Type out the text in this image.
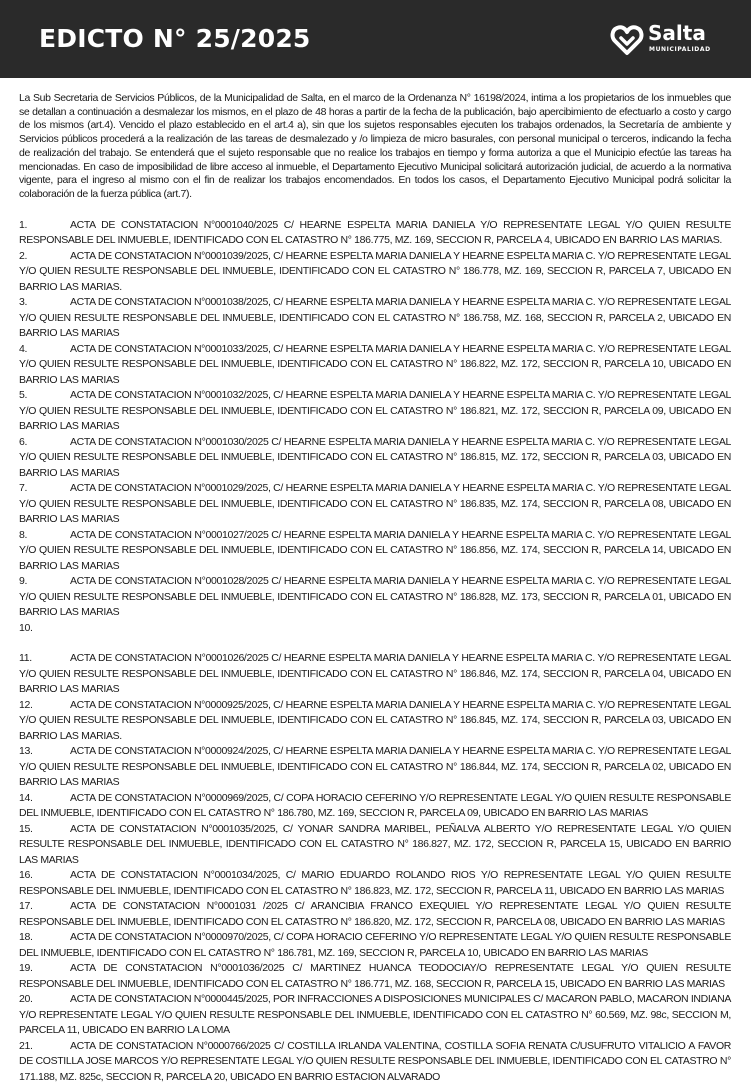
EDICTO N° 25/2025	Salta
MUNICIPALIDAD

La Sub Secretaria de Servicios Públicos, de la Municipalidad de Salta, en el marco de la Ordenanza N° 16198/2024, intima a los propietarios de los inmuebles que se detallan a continuación a desmalezar los mismos, en el plazo de 48 horas a partir de la fecha de la publicación, bajo apercibimiento de efectuarlo a costo y cargo de los mismos (art.4). Vencido el plazo establecido en el art.4 a), sin que los sujetos responsables ejecuten los trabajos ordenados, la Secretaría de ambiente y Servicios públicos procederá a la realización de las tareas de desmalezado y /o limpieza de micro basurales, con personal municipal o terceros, indicando la fecha de realización del trabajo. Se entenderá que el sujeto responsable que no realice los trabajos en tiempo y forma autoriza a que el Municipio efectúe las tareas ha mencionadas. En caso de imposibilidad de libre acceso al inmueble, el Departamento Ejecutivo Municipal solicitará autorización judicial, de acuerdo a la normativa vigente, para el ingreso al mismo con el fin de realizar los trabajos encomendados. En todos los casos, el Departamento Ejecutivo Municipal podrá solicitar la colaboración de la fuerza pública (art.7).

1.	ACTA DE CONSTATACION N°0001040/2025 C/ HEARNE ESPELTA MARIA DANIELA Y/O REPRESENTATE LEGAL Y/O QUIEN RESULTE RESPONSABLE DEL INMUEBLE, IDENTIFICADO CON EL CATASTRO N° 186.775, MZ. 169, SECCION R, PARCELA 4, UBICADO EN BARRIO LAS MARIAS.
2.	ACTA DE CONSTATACION N°0001039/2025, C/ HEARNE ESPELTA MARIA DANIELA Y HEARNE ESPELTA MARIA C. Y/O REPRESENTATE LEGAL Y/O QUIEN RESULTE RESPONSABLE DEL INMUEBLE, IDENTIFICADO CON EL CATASTRO N° 186.778, MZ. 169, SECCION R, PARCELA 7, UBICADO EN BARRIO LAS MARIAS.
3.	ACTA DE CONSTATACION N°0001038/2025, C/ HEARNE ESPELTA MARIA DANIELA Y HEARNE ESPELTA MARIA C. Y/O REPRESENTATE LEGAL Y/O QUIEN RESULTE RESPONSABLE DEL INMUEBLE, IDENTIFICADO CON EL CATASTRO N° 186.758, MZ. 168, SECCION R, PARCELA 2, UBICADO EN BARRIO LAS MARIAS
4.	ACTA DE CONSTATACION N°0001033/2025, C/ HEARNE ESPELTA MARIA DANIELA Y HEARNE ESPELTA MARIA C. Y/O REPRESENTATE LEGAL Y/O QUIEN RESULTE RESPONSABLE DEL INMUEBLE, IDENTIFICADO CON EL CATASTRO N° 186.822, MZ. 172, SECCION R, PARCELA 10, UBICADO EN BARRIO LAS MARIAS
5.	ACTA DE CONSTATACION N°0001032/2025, C/ HEARNE ESPELTA MARIA DANIELA Y HEARNE ESPELTA MARIA C. Y/O REPRESENTATE LEGAL Y/O QUIEN RESULTE RESPONSABLE DEL INMUEBLE, IDENTIFICADO CON EL CATASTRO N° 186.821, MZ. 172, SECCION R, PARCELA 09, UBICADO EN BARRIO LAS MARIAS
6.	ACTA DE CONSTATACION N°0001030/2025 C/ HEARNE ESPELTA MARIA DANIELA Y HEARNE ESPELTA MARIA C. Y/O REPRESENTATE LEGAL Y/O QUIEN RESULTE RESPONSABLE DEL INMUEBLE, IDENTIFICADO CON EL CATASTRO N° 186.815, MZ. 172, SECCION R, PARCELA 03, UBICADO EN BARRIO LAS MARIAS
7.	ACTA DE CONSTATACION N°0001029/2025, C/ HEARNE ESPELTA MARIA DANIELA Y HEARNE ESPELTA MARIA C. Y/O REPRESENTATE LEGAL Y/O QUIEN RESULTE RESPONSABLE DEL INMUEBLE, IDENTIFICADO CON EL CATASTRO N° 186.835, MZ. 174, SECCION R, PARCELA 08, UBICADO EN BARRIO LAS MARIAS
8.	ACTA DE CONSTATACION N°0001027/2025 C/ HEARNE ESPELTA MARIA DANIELA Y HEARNE ESPELTA MARIA C. Y/O REPRESENTATE LEGAL Y/O QUIEN RESULTE RESPONSABLE DEL INMUEBLE, IDENTIFICADO CON EL CATASTRO N° 186.856, MZ. 174, SECCION R, PARCELA 14, UBICADO EN BARRIO LAS MARIAS
9.	ACTA DE CONSTATACION N°0001028/2025 C/ HEARNE ESPELTA MARIA DANIELA Y HEARNE ESPELTA MARIA C. Y/O REPRESENTATE LEGAL Y/O QUIEN RESULTE RESPONSABLE DEL INMUEBLE, IDENTIFICADO CON EL CATASTRO N° 186.828, MZ. 173, SECCION R, PARCELA 01, UBICADO EN BARRIO LAS MARIAS
10.
11.	ACTA DE CONSTATACION N°0001026/2025 C/ HEARNE ESPELTA MARIA DANIELA Y HEARNE ESPELTA MARIA C. Y/O REPRESENTATE LEGAL Y/O QUIEN RESULTE RESPONSABLE DEL INMUEBLE, IDENTIFICADO CON EL CATASTRO N° 186.846, MZ. 174, SECCION R, PARCELA 04, UBICADO EN BARRIO LAS MARIAS
12.	ACTA DE CONSTATACION N°0000925/2025, C/ HEARNE ESPELTA MARIA DANIELA Y HEARNE ESPELTA MARIA C. Y/O REPRESENTATE LEGAL Y/O QUIEN RESULTE RESPONSABLE DEL INMUEBLE, IDENTIFICADO CON EL CATASTRO N° 186.845, MZ. 174, SECCION R, PARCELA 03, UBICADO EN BARRIO LAS MARIAS.
13.	ACTA DE CONSTATACION N°0000924/2025, C/ HEARNE ESPELTA MARIA DANIELA Y HEARNE ESPELTA MARIA C. Y/O REPRESENTATE LEGAL Y/O QUIEN RESULTE RESPONSABLE DEL INMUEBLE, IDENTIFICADO CON EL CATASTRO N° 186.844, MZ. 174, SECCION R, PARCELA 02, UBICADO EN BARRIO LAS MARIAS
14.	ACTA DE CONSTATACION N°0000969/2025, C/ COPA HORACIO CEFERINO Y/O REPRESENTATE LEGAL Y/O QUIEN RESULTE RESPONSABLE DEL INMUEBLE, IDENTIFICADO CON EL CATASTRO N° 186.780, MZ. 169, SECCION R, PARCELA 09, UBICADO EN BARRIO LAS MARIAS
15.	ACTA DE CONSTATACION N°0001035/2025, C/ YONAR SANDRA MARIBEL, PEÑALVA ALBERTO Y/O REPRESENTATE LEGAL Y/O QUIEN RESULTE RESPONSABLE DEL INMUEBLE, IDENTIFICADO CON EL CATASTRO N° 186.827, MZ. 172, SECCION R, PARCELA 15, UBICADO EN BARRIO LAS MARIAS
16.	ACTA DE CONSTATACION N°0001034/2025, C/ MARIO EDUARDO ROLANDO RIOS Y/O REPRESENTATE LEGAL Y/O QUIEN RESULTE RESPONSABLE DEL INMUEBLE, IDENTIFICADO CON EL CATASTRO N° 186.823, MZ. 172, SECCION R, PARCELA 11, UBICADO EN BARRIO LAS MARIAS
17.	ACTA DE CONSTATACION N°0001031 /2025 C/ ARANCIBIA FRANCO EXEQUIEL Y/O REPRESENTATE LEGAL Y/O QUIEN RESULTE RESPONSABLE DEL INMUEBLE, IDENTIFICADO CON EL CATASTRO N° 186.820, MZ. 172, SECCION R, PARCELA 08, UBICADO EN BARRIO LAS MARIAS
18.	ACTA DE CONSTATACION N°0000970/2025, C/ COPA HORACIO CEFERINO Y/O REPRESENTATE LEGAL Y/O QUIEN RESULTE RESPONSABLE DEL INMUEBLE, IDENTIFICADO CON EL CATASTRO N° 186.781, MZ. 169, SECCION R, PARCELA 10, UBICADO EN BARRIO LAS MARIAS
19.	ACTA DE CONSTATACION N°0001036/2025 C/ MARTINEZ HUANCA TEODOCIAY/O REPRESENTATE LEGAL Y/O QUIEN RESULTE RESPONSABLE DEL INMUEBLE, IDENTIFICADO CON EL CATASTRO N° 186.771, MZ. 168, SECCION R, PARCELA 15, UBICADO EN BARRIO LAS MARIAS
20.	ACTA DE CONSTATACION N°0000445/2025, POR INFRACCIONES A DISPOSICIONES MUNICIPALES C/ MACARON PABLO, MACARON INDIANA Y/O REPRESENTATE LEGAL Y/O QUIEN RESULTE RESPONSABLE DEL INMUEBLE, IDENTIFICADO CON EL CATASTRO N° 60.569, MZ. 98c, SECCION M, PARCELA 11, UBICADO EN BARRIO LA LOMA
21.	ACTA DE CONSTATACION N°0000766/2025 C/ COSTILLA IRLANDA VALENTINA, COSTILLA SOFIA RENATA C/USUFRUTO VITALICIO A FAVOR DE COSTILLA JOSE MARCOS Y/O REPRESENTATE LEGAL Y/O QUIEN RESULTE RESPONSABLE DEL INMUEBLE, IDENTIFICADO CON EL CATASTRO N° 171.188, MZ. 825c, SECCION R, PARCELA 20, UBICADO EN BARRIO ESTACION ALVARADO
